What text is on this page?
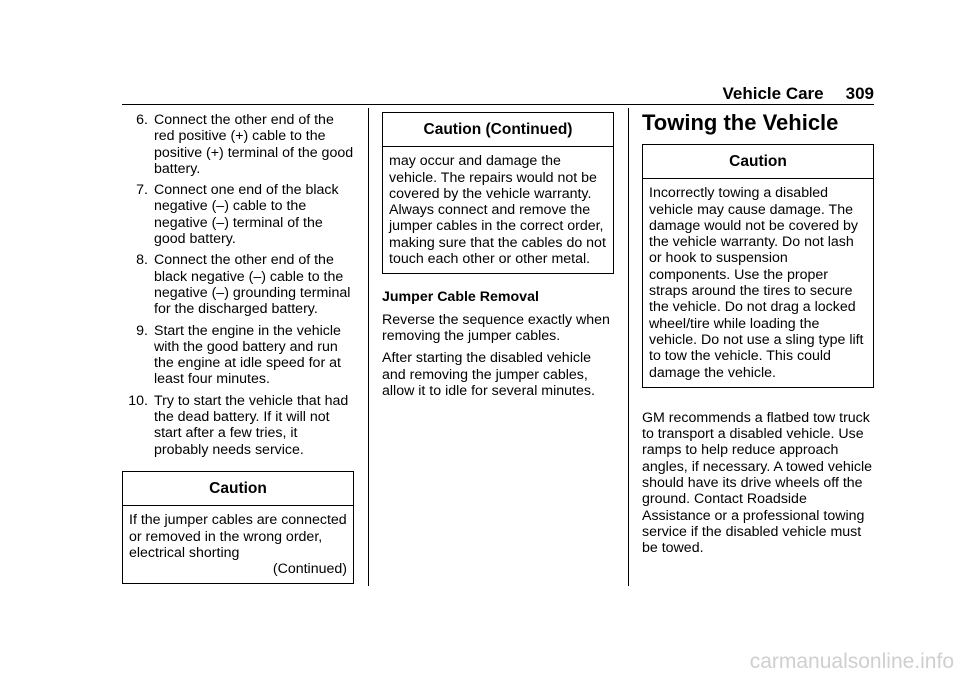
Vehicle Care 309
6. Connect the other end of the red positive (+) cable to the positive (+) terminal of the good battery.
7. Connect one end of the black negative (–) cable to the negative (–) terminal of the good battery.
8. Connect the other end of the black negative (–) cable to the negative (–) grounding terminal for the discharged battery.
9. Start the engine in the vehicle with the good battery and run the engine at idle speed for at least four minutes.
10. Try to start the vehicle that had the dead battery. If it will not start after a few tries, it probably needs service.
Caution
If the jumper cables are connected or removed in the wrong order, electrical shorting
(Continued)
Caution (Continued)
may occur and damage the vehicle. The repairs would not be covered by the vehicle warranty. Always connect and remove the jumper cables in the correct order, making sure that the cables do not touch each other or other metal.
Jumper Cable Removal
Reverse the sequence exactly when removing the jumper cables.
After starting the disabled vehicle and removing the jumper cables, allow it to idle for several minutes.
Towing the Vehicle
Caution
Incorrectly towing a disabled vehicle may cause damage. The damage would not be covered by the vehicle warranty. Do not lash or hook to suspension components. Use the proper straps around the tires to secure the vehicle. Do not drag a locked wheel/tire while loading the vehicle. Do not use a sling type lift to tow the vehicle. This could damage the vehicle.
GM recommends a flatbed tow truck to transport a disabled vehicle. Use ramps to help reduce approach angles, if necessary. A towed vehicle should have its drive wheels off the ground. Contact Roadside Assistance or a professional towing service if the disabled vehicle must be towed.
carmanualsonline.info
